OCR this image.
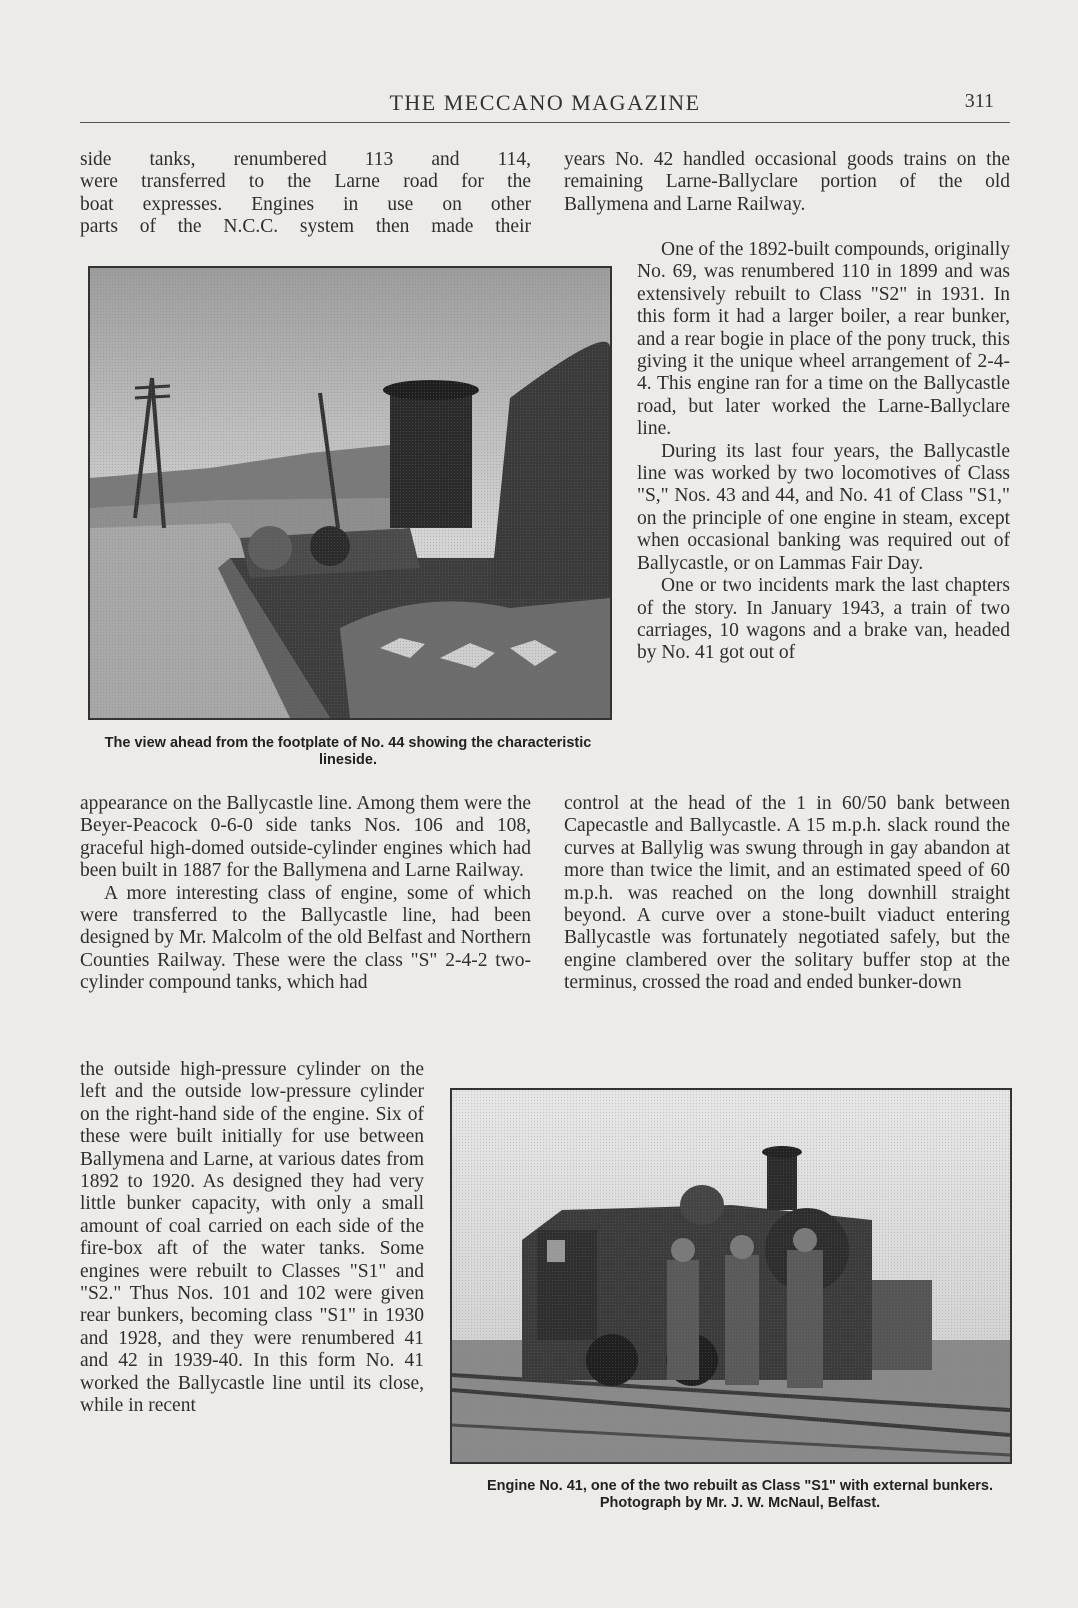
THE MECCANO MAGAZINE	311

side tanks, renumbered 113 and 114,

were transferred to the Larne road for the

boat expresses. Engines in use on other

parts of the N.C.C. system then made their

years No. 42 handled occasional goods trains on the remaining Larne-Ballyclare portion of the old Ballymena and Larne Railway.

One of the 1892-built compounds, originally No. 69, was renumbered 110 in 1899 and was extensively rebuilt to Class "S2" in 1931. In this form it had a larger boiler, a rear bunker, and a rear bogie in place of the pony truck, this giving it the unique wheel arrangement of 2-4-4. This engine ran for a time on the Ballycastle road, but later worked the Larne-Ballyclare line.

During its last four years, the Ballycastle line was worked by two locomotives of Class "S," Nos. 43 and 44, and No. 41 of Class "S1," on the principle of one engine in steam, except when occasional banking was required out of Ballycastle, or on Lammas Fair Day.

One or two incidents mark the last chapters of the story. In January 1943, a train of two carriages, 10 wagons and a brake van, headed by No. 41 got out of

The view ahead from the footplate of No. 44 showing the characteristic lineside.

appearance on the Ballycastle line. Among them were the Beyer-Peacock 0-6-0 side tanks Nos. 106 and 108, graceful high-domed outside-cylinder engines which had been built in 1887 for the Ballymena and Larne Railway.

A more interesting class of engine, some of which were transferred to the Ballycastle line, had been designed by Mr. Malcolm of the old Belfast and Northern Counties Railway. These were the class "S" 2-4-2 two-cylinder compound tanks, which had

control at the head of the 1 in 60/50 bank between Capecastle and Ballycastle. A 15 m.p.h. slack round the curves at Ballylig was swung through in gay abandon at more than twice the limit, and an estimated speed of 60 m.p.h. was reached on the long downhill straight beyond. A curve over a stone-built viaduct entering Ballycastle was fortunately negotiated safely, but the engine clambered over the solitary buffer stop at the terminus, crossed the road and ended bunker-down

the outside high-pressure cylinder on the left and the outside low-pressure cylinder on the right-hand side of the engine. Six of these were built initially for use between Ballymena and Larne, at various dates from 1892 to 1920. As designed they had very little bunker capacity, with only a small amount of coal carried on each side of the fire-box aft of the water tanks. Some engines were rebuilt to Classes "S1" and "S2." Thus Nos. 101 and 102 were given rear bunkers, becoming class "S1" in 1930 and 1928, and they were renumbered 41 and 42 in 1939-40. In this form No. 41 worked the Ballycastle line until its close, while in recent

Engine No. 41, one of the two rebuilt as Class "S1" with external bunkers. Photograph by Mr. J. W. McNaul, Belfast.
